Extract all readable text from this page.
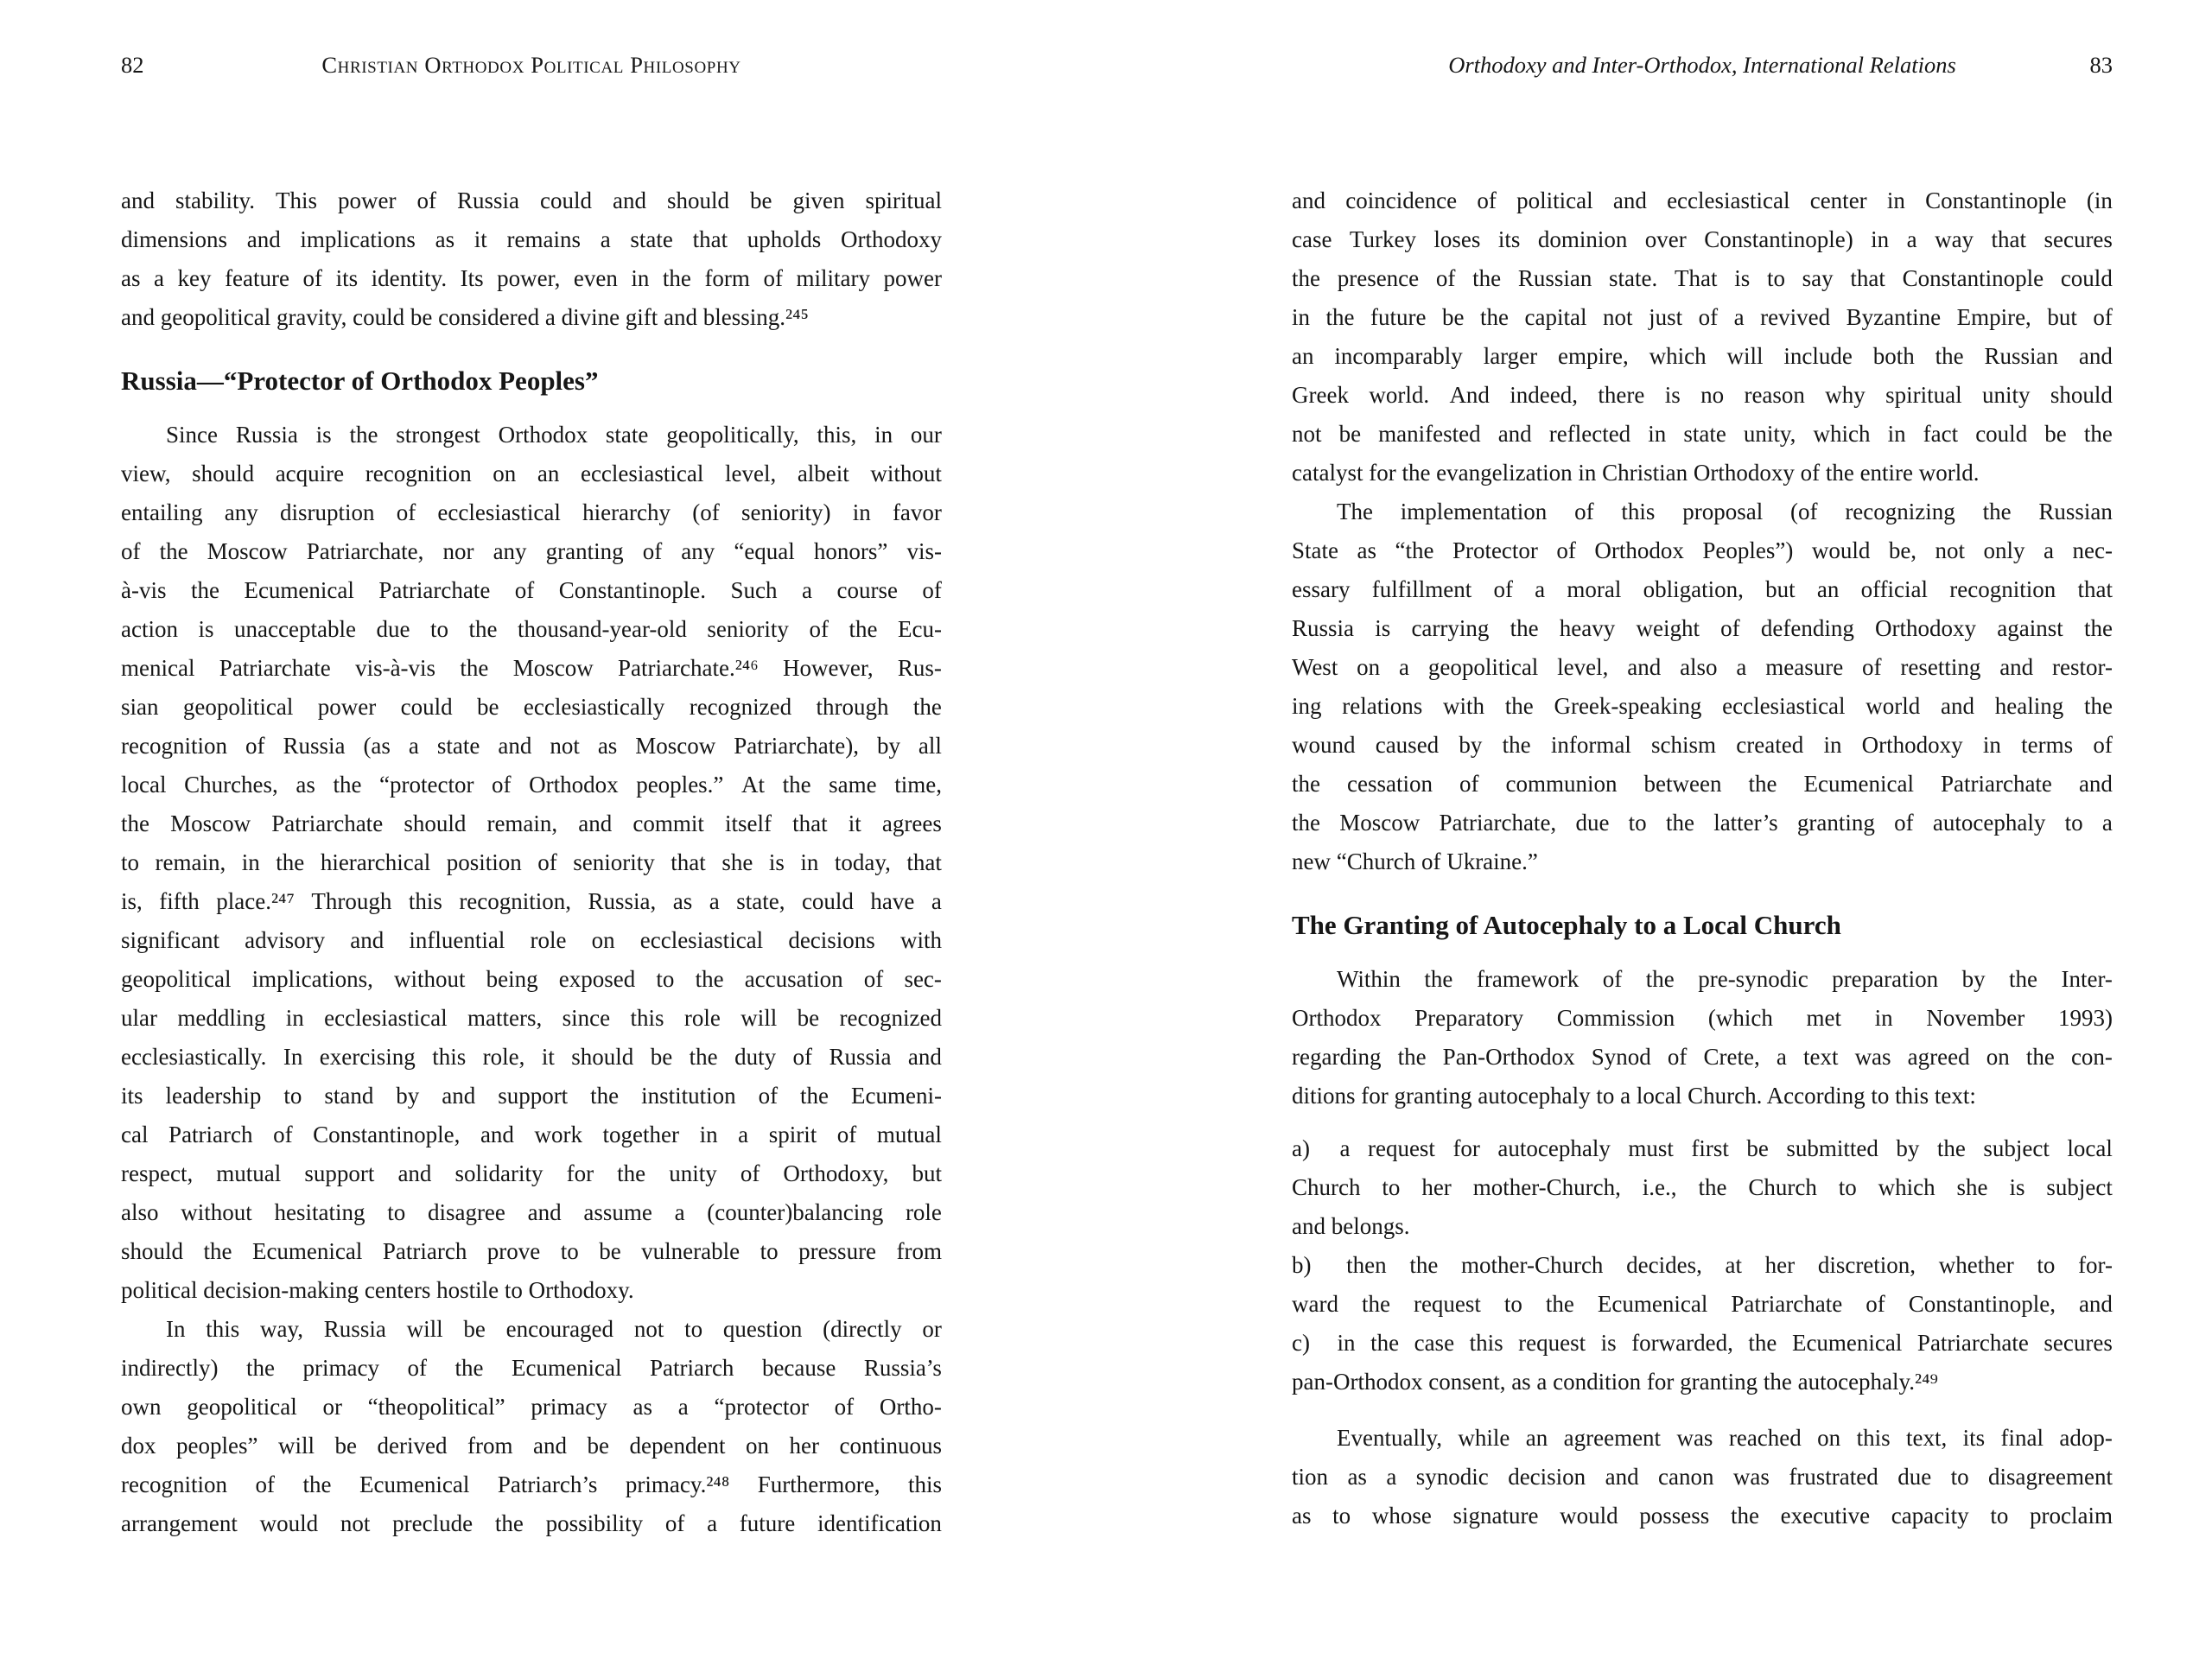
82	Christian Orthodox Political Philosophy
and stability. This power of Russia could and should be given spiritual
dimensions and implications as it remains a state that upholds Orthodoxy
as a key feature of its identity. Its power, even in the form of military power
and geopolitical gravity, could be considered a divine gift and blessing.²⁴⁵
Russia—“Protector of Orthodox Peoples”
Since Russia is the strongest Orthodox state geopolitically, this, in our
view, should acquire recognition on an ecclesiastical level, albeit without
entailing any disruption of ecclesiastical hierarchy (of seniority) in favor
of the Moscow Patriarchate, nor any granting of any “equal honors” vis-
à-vis the Ecumenical Patriarchate of Constantinople. Such a course of
action is unacceptable due to the thousand-year-old seniority of the Ecu-
menical Patriarchate vis-à-vis the Moscow Patriarchate.²⁴⁶ However, Rus-
sian geopolitical power could be ecclesiastically recognized through the
recognition of Russia (as a state and not as Moscow Patriarchate), by all
local Churches, as the “protector of Orthodox peoples.” At the same time,
the Moscow Patriarchate should remain, and commit itself that it agrees
to remain, in the hierarchical position of seniority that she is in today, that
is, fifth place.²⁴⁷ Through this recognition, Russia, as a state, could have a
significant advisory and influential role on ecclesiastical decisions with
geopolitical implications, without being exposed to the accusation of sec-
ular meddling in ecclesiastical matters, since this role will be recognized
ecclesiastically. In exercising this role, it should be the duty of Russia and
its leadership to stand by and support the institution of the Ecumeni-
cal Patriarch of Constantinople, and work together in a spirit of mutual
respect, mutual support and solidarity for the unity of Orthodoxy, but
also without hesitating to disagree and assume a (counter)balancing role
should the Ecumenical Patriarch prove to be vulnerable to pressure from
political decision-making centers hostile to Orthodoxy.
In this way, Russia will be encouraged not to question (directly or
indirectly) the primacy of the Ecumenical Patriarch because Russia’s
own geopolitical or “theopolitical” primacy as a “protector of Ortho-
dox peoples” will be derived from and be dependent on her continuous
recognition of the Ecumenical Patriarch’s primacy.²⁴⁸ Furthermore, this
arrangement would not preclude the possibility of a future identification
Orthodoxy and Inter-Orthodox, International Relations	83
and coincidence of political and ecclesiastical center in Constantinople (in
case Turkey loses its dominion over Constantinople) in a way that secures
the presence of the Russian state. That is to say that Constantinople could
in the future be the capital not just of a revived Byzantine Empire, but of
an incomparably larger empire, which will include both the Russian and
Greek world. And indeed, there is no reason why spiritual unity should
not be manifested and reflected in state unity, which in fact could be the
catalyst for the evangelization in Christian Orthodoxy of the entire world.
The implementation of this proposal (of recognizing the Russian
State as “the Protector of Orthodox Peoples”) would be, not only a nec-
essary fulfillment of a moral obligation, but an official recognition that
Russia is carrying the heavy weight of defending Orthodoxy against the
West on a geopolitical level, and also a measure of resetting and restor-
ing relations with the Greek-speaking ecclesiastical world and healing the
wound caused by the informal schism created in Orthodoxy in terms of
the cessation of communion between the Ecumenical Patriarchate and
the Moscow Patriarchate, due to the latter’s granting of autocephaly to a
new “Church of Ukraine.”
The Granting of Autocephaly to a Local Church
Within the framework of the pre-synodic preparation by the Inter-
Orthodox Preparatory Commission (which met in November 1993)
regarding the Pan-Orthodox Synod of Crete, a text was agreed on the con-
ditions for granting autocephaly to a local Church. According to this text:
a) a request for autocephaly must first be submitted by the subject local
Church to her mother-Church, i.e., the Church to which she is subject
and belongs.
b) then the mother-Church decides, at her discretion, whether to for-
ward the request to the Ecumenical Patriarchate of Constantinople, and
c) in the case this request is forwarded, the Ecumenical Patriarchate secures
pan-Orthodox consent, as a condition for granting the autocephaly.²⁴⁹
Eventually, while an agreement was reached on this text, its final adop-
tion as a synodic decision and canon was frustrated due to disagreement
as to whose signature would possess the executive capacity to proclaim
